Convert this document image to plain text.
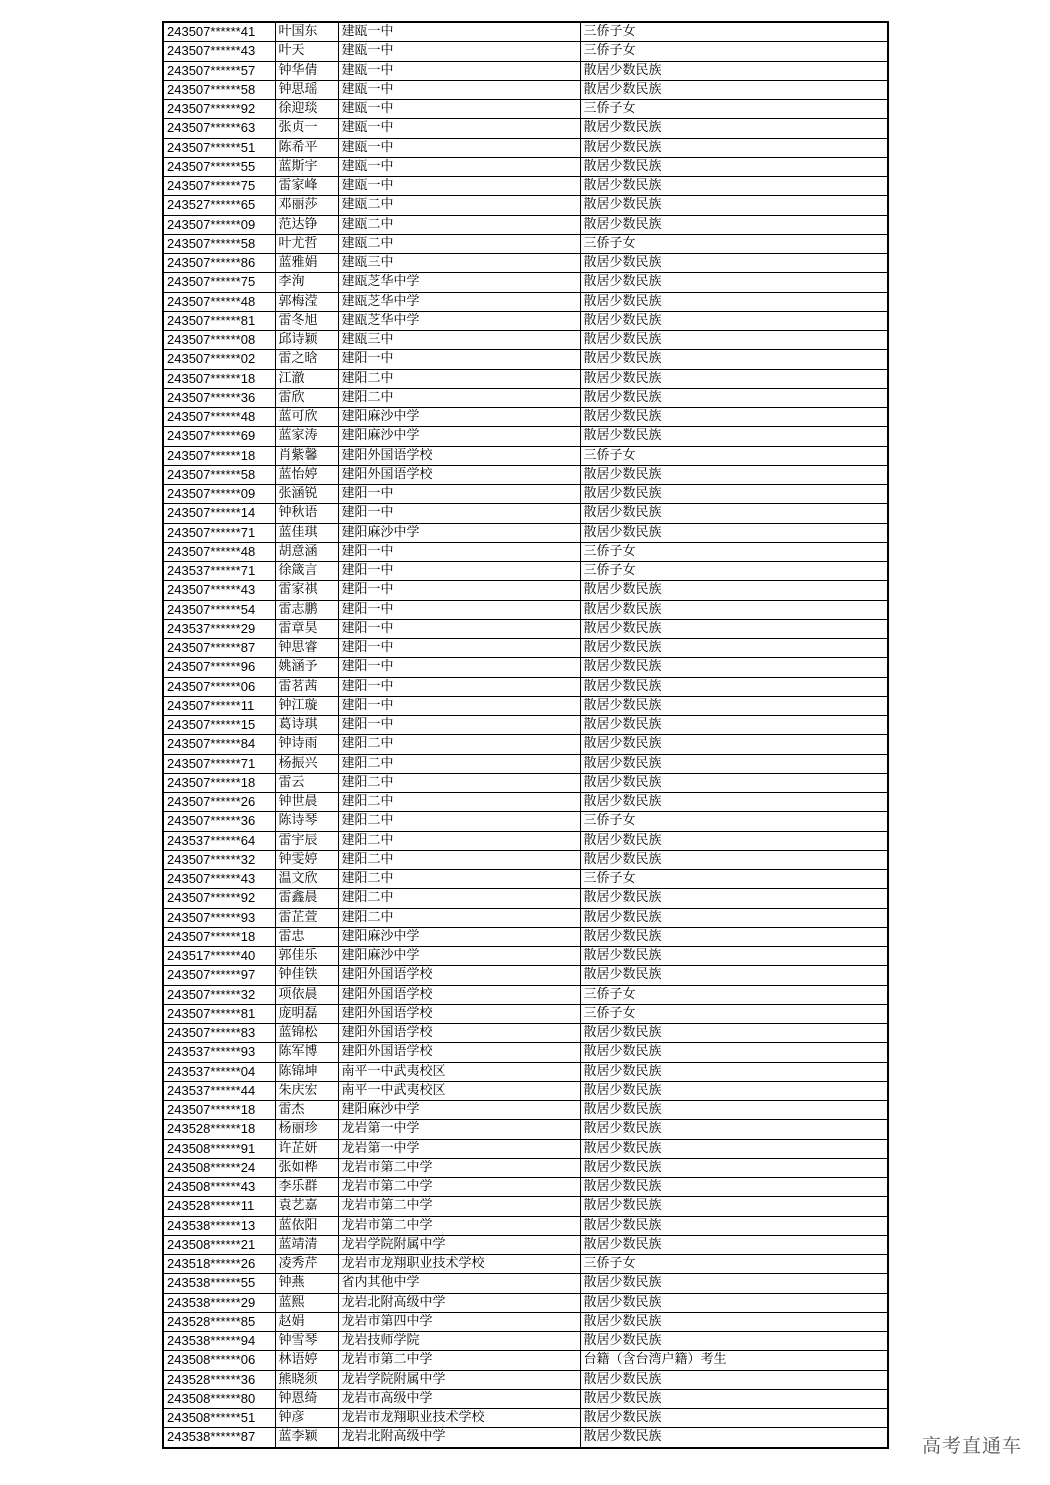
243507******41	叶国东	建瓯一中	三侨子女
243507******43	叶天	建瓯一中	三侨子女
243507******57	钟华倩	建瓯一中	散居少数民族
243507******58	钟思瑶	建瓯一中	散居少数民族
243507******92	徐迎琰	建瓯一中	三侨子女
243507******63	张贞一	建瓯一中	散居少数民族
243507******51	陈希平	建瓯一中	散居少数民族
243507******55	蓝斯宇	建瓯一中	散居少数民族
243507******75	雷家峰	建瓯一中	散居少数民族
243527******65	邓丽莎	建瓯二中	散居少数民族
243507******09	范达铮	建瓯二中	散居少数民族
243507******58	叶尤哲	建瓯二中	三侨子女
243507******86	蓝雅娟	建瓯三中	散居少数民族
243507******75	李洵	建瓯芝华中学	散居少数民族
243507******48	郭梅滢	建瓯芝华中学	散居少数民族
243507******81	雷冬旭	建瓯芝华中学	散居少数民族
243507******08	邱诗颖	建瓯三中	散居少数民族
243507******02	雷之晗	建阳一中	散居少数民族
243507******18	江澈	建阳二中	散居少数民族
243507******36	雷欣	建阳二中	散居少数民族
243507******48	蓝可欣	建阳麻沙中学	散居少数民族
243507******69	蓝家涛	建阳麻沙中学	散居少数民族
243507******18	肖紫馨	建阳外国语学校	三侨子女
243507******58	蓝怡婷	建阳外国语学校	散居少数民族
243507******09	张涵锐	建阳一中	散居少数民族
243507******14	钟秋语	建阳一中	散居少数民族
243507******71	蓝佳琪	建阳麻沙中学	散居少数民族
243507******48	胡意涵	建阳一中	三侨子女
243537******71	徐箴言	建阳一中	三侨子女
243507******43	雷家祺	建阳一中	散居少数民族
243507******54	雷志鹏	建阳一中	散居少数民族
243537******29	雷章昊	建阳一中	散居少数民族
243507******87	钟思睿	建阳一中	散居少数民族
243507******96	姚涵予	建阳一中	散居少数民族
243507******06	雷茗茜	建阳一中	散居少数民族
243507******11	钟江璇	建阳一中	散居少数民族
243507******15	葛诗琪	建阳一中	散居少数民族
243507******84	钟诗雨	建阳二中	散居少数民族
243507******71	杨振兴	建阳二中	散居少数民族
243507******18	雷云	建阳二中	散居少数民族
243507******26	钟世晨	建阳二中	散居少数民族
243507******36	陈诗琴	建阳二中	三侨子女
243537******64	雷宇辰	建阳二中	散居少数民族
243507******32	钟雯婷	建阳二中	散居少数民族
243507******43	温文欣	建阳二中	三侨子女
243507******92	雷鑫晨	建阳二中	散居少数民族
243507******93	雷芷萱	建阳二中	散居少数民族
243507******18	雷忠	建阳麻沙中学	散居少数民族
243517******40	郭佳乐	建阳麻沙中学	散居少数民族
243507******97	钟佳铁	建阳外国语学校	散居少数民族
243507******32	项依晨	建阳外国语学校	三侨子女
243507******81	庞明磊	建阳外国语学校	三侨子女
243507******83	蓝锦松	建阳外国语学校	散居少数民族
243537******93	陈军博	建阳外国语学校	散居少数民族
243537******04	陈锦坤	南平一中武夷校区	散居少数民族
243537******44	朱庆宏	南平一中武夷校区	散居少数民族
243507******18	雷杰	建阳麻沙中学	散居少数民族
243528******18	杨丽珍	龙岩第一中学	散居少数民族
243508******91	许芷妍	龙岩第一中学	散居少数民族
243508******24	张如桦	龙岩市第二中学	散居少数民族
243508******43	李乐群	龙岩市第二中学	散居少数民族
243528******11	袁艺嘉	龙岩市第二中学	散居少数民族
243538******13	蓝依阳	龙岩市第二中学	散居少数民族
243508******21	蓝靖清	龙岩学院附属中学	散居少数民族
243518******26	凌秀芹	龙岩市龙翔职业技术学校	三侨子女
243538******55	钟燕	省内其他中学	散居少数民族
243538******29	蓝熙	龙岩北附高级中学	散居少数民族
243528******85	赵娟	龙岩市第四中学	散居少数民族
243538******94	钟雪琴	龙岩技师学院	散居少数民族
243508******06	林语婷	龙岩市第二中学	台籍（含台湾户籍）考生
243528******36	熊晓须	龙岩学院附属中学	散居少数民族
243508******80	钟恩绮	龙岩市高级中学	散居少数民族
243508******51	钟彦	龙岩市龙翔职业技术学校	散居少数民族
243538******87	蓝李颖	龙岩北附高级中学	散居少数民族	高考直通车
